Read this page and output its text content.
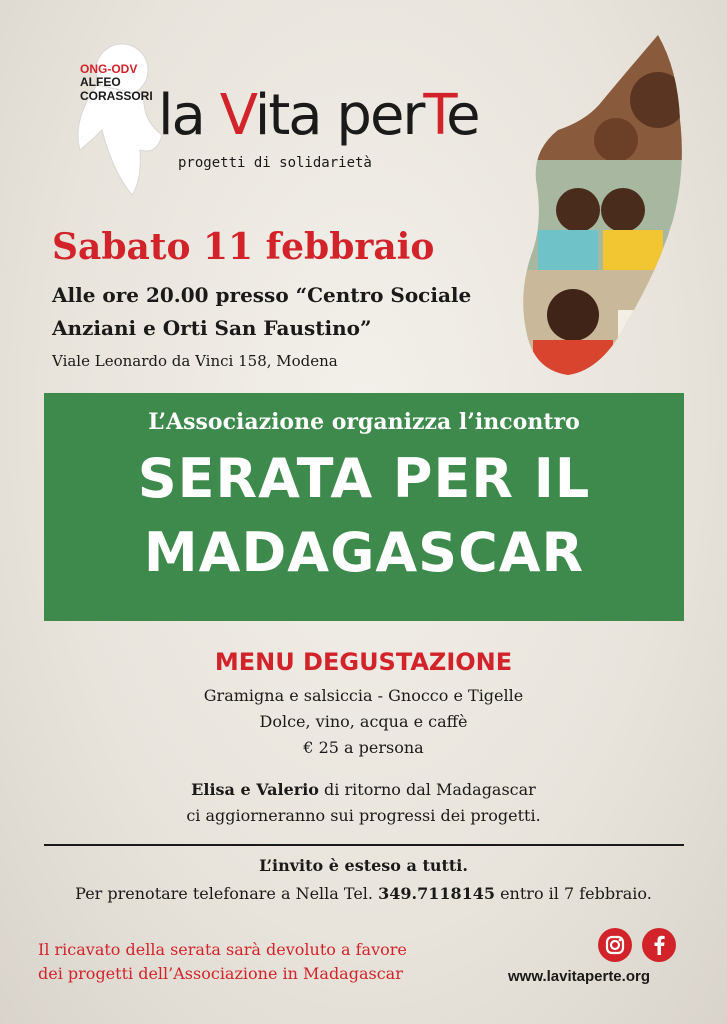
ONG-ODV
ALFEO
CORASSORI la Vita perTe
progetti di solidarietà
Sabato 11 febbraio
Alle ore 20.00 presso “Centro Sociale
Anziani e Orti San Faustino”
Viale Leonardo da Vinci 158, Modena
L’Associazione organizza l’incontro
SERATA PER IL
MADAGASCAR
MENU DEGUSTAZIONE
Gramigna e salsiccia - Gnocco e Tigelle
Dolce, vino, acqua e caffè
€ 25 a persona
Elisa e Valerio di ritorno dal Madagascar
ci aggiorneranno sui progressi dei progetti.
L’invito è esteso a tutti.
Per prenotare telefonare a Nella Tel. 349.7118145 entro il 7 febbraio.
Il ricavato della serata sarà devoluto a favore
dei progetti dell’Associazione in Madagascar	www.lavitaperte.org
